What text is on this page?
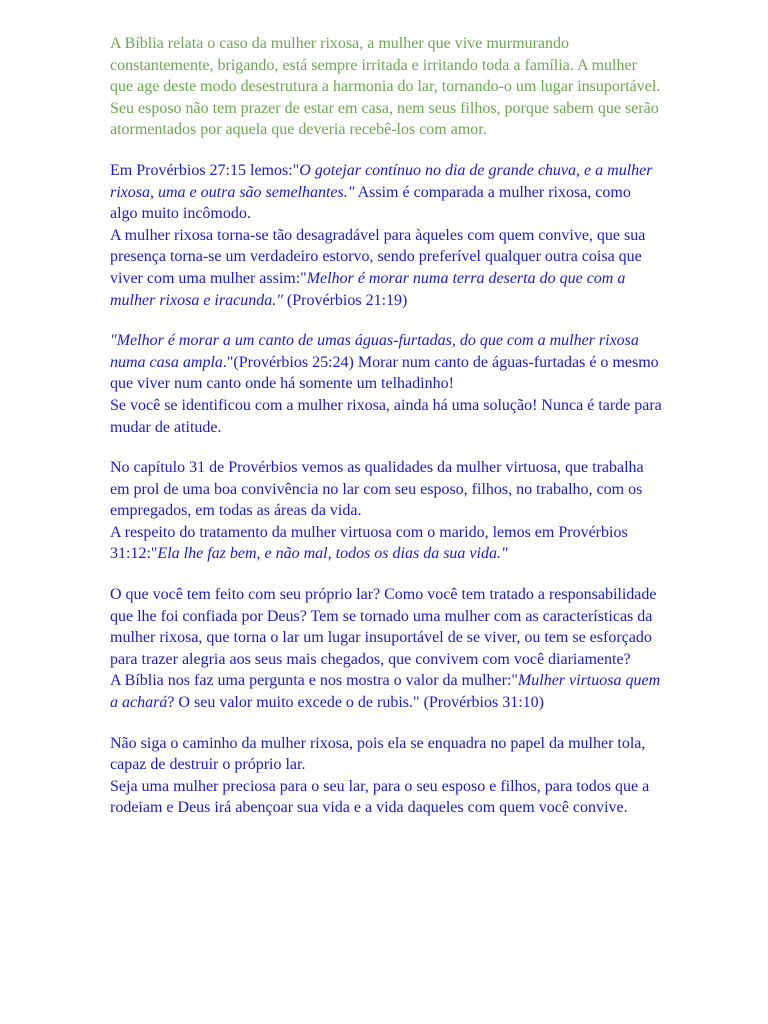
A Bíblia relata o caso da mulher rixosa, a mulher que vive murmurando constantemente, brigando, está sempre irritada e irritando toda a família. A mulher que age deste modo desestrutura a harmonia do lar, tornando-o um lugar insuportável. Seu esposo não tem prazer de estar em casa, nem seus filhos, porque sabem que serão atormentados por aquela que deveria recebê-los com amor.

Em Provérbios 27:15 lemos:"O gotejar contínuo no dia de grande chuva, e a mulher rixosa, uma e outra são semelhantes." Assim é comparada a mulher rixosa, como algo muito incômodo.
A mulher rixosa torna-se tão desagradável para àqueles com quem convive, que sua presença torna-se um verdadeiro estorvo, sendo preferível qualquer outra coisa que viver com uma mulher assim:"Melhor é morar numa terra deserta do que com a mulher rixosa e iracunda." (Provérbios 21:19)

"Melhor é morar a um canto de umas águas-furtadas, do que com a mulher rixosa numa casa ampla."(Provérbios 25:24) Morar num canto de águas-furtadas é o mesmo que viver num canto onde há somente um telhadinho!
Se você se identificou com a mulher rixosa, ainda há uma solução! Nunca é tarde para mudar de atitude.

No capítulo 31 de Provérbios vemos as qualidades da mulher virtuosa, que trabalha em prol de uma boa convivência no lar com seu esposo, filhos, no trabalho, com os empregados, em todas as áreas da vida.
A respeito do tratamento da mulher virtuosa com o marido, lemos em Provérbios 31:12:"Ela lhe faz bem, e não mal, todos os dias da sua vida."

O que você tem feito com seu próprio lar? Como você tem tratado a responsabilidade que lhe foi confiada por Deus? Tem se tornado uma mulher com as características da mulher rixosa, que torna o lar um lugar insuportável de se viver, ou tem se esforçado para trazer alegria aos seus mais chegados, que convivem com você diariamente?
A Bíblia nos faz uma pergunta e nos mostra o valor da mulher:"Mulher virtuosa quem a achará? O seu valor muito excede o de rubis." (Provérbios 31:10)

Não siga o caminho da mulher rixosa, pois ela se enquadra no papel da mulher tola, capaz de destruir o próprio lar.
Seja uma mulher preciosa para o seu lar, para o seu esposo e filhos, para todos que a rodeiam e Deus irá abençoar sua vida e a vida daqueles com quem você convive.
